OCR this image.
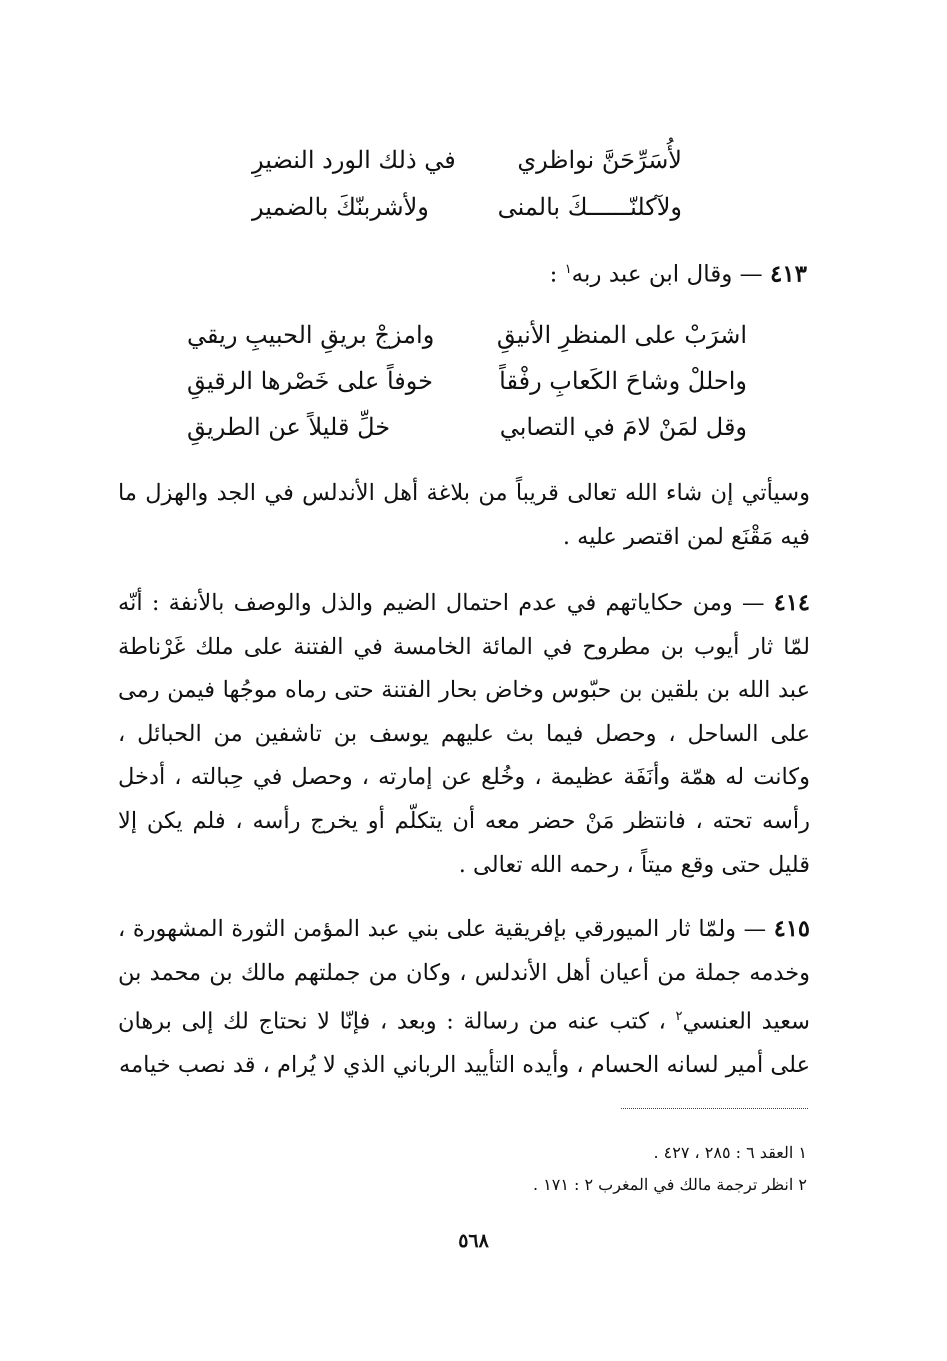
لأُسَرِّحَنَّ نواظري
في ذلك الورد النضيرِ
ولآكلنّــــــكَ بالمنى
ولأشربنّكَ بالضمير
٤١٣ — وقال ابن عبد ربه$^١$ :
اشرَبْ على المنظرِ الأنيقِ
وامزجْ بريقِ الحبيبِ ريقي
واحللْ وشاحَ الكَعابِ رفْقاً
خوفاً على خَصْرها الرقيقِ
وقل لمَنْ لامَ في التصابي
خلِّ قليلاً عن الطريقِ
وسيأتي إن شاء الله تعالى قريباً من بلاغة أهل الأندلس في الجد والهزل ما فيه مَقْنَع لمن اقتصر عليه .
٤١٤ — ومن حكاياتهم في عدم احتمال الضيم والذل والوصف بالأنفة : أنّه لمّا ثار أيوب بن مطروح في المائة الخامسة في الفتنة على ملك غَرْناطة عبد الله بن بلقين بن حبّوس وخاض بحار الفتنة حتى رماه موجُها فيمن رمى على الساحل ، وحصل فيما بث عليهم يوسف بن تاشفين من الحبائل ، وكانت له همّة وأنَفَة عظيمة ، وخُلع عن إمارته ، وحصل في حِبالته ، أدخل رأسه تحته ، فانتظر مَنْ حضر معه أن يتكلّم أو يخرج رأسه ، فلم يكن إلا قليل حتى وقع ميتاً ، رحمه الله تعالى .
٤١٥ — ولمّا ثار الميورقي بإفريقية على بني عبد المؤمن الثورة المشهورة ، وخدمه جملة من أعيان أهل الأندلس ، وكان من جملتهم مالك بن محمد بن سعيد العنسي$^٢$ ، كتب عنه من رسالة : وبعد ، فإنّا لا نحتاج لك إلى برهان على أمير لسانه الحسام ، وأيده التأييد الرباني الذي لا يُرام ، قد نصب خيامه
١ العقد ٦ : ٢٨٥ ، ٤٢٧ .
٢ انظر ترجمة مالك في المغرب ٢ : ١٧١ .
٥٦٨
